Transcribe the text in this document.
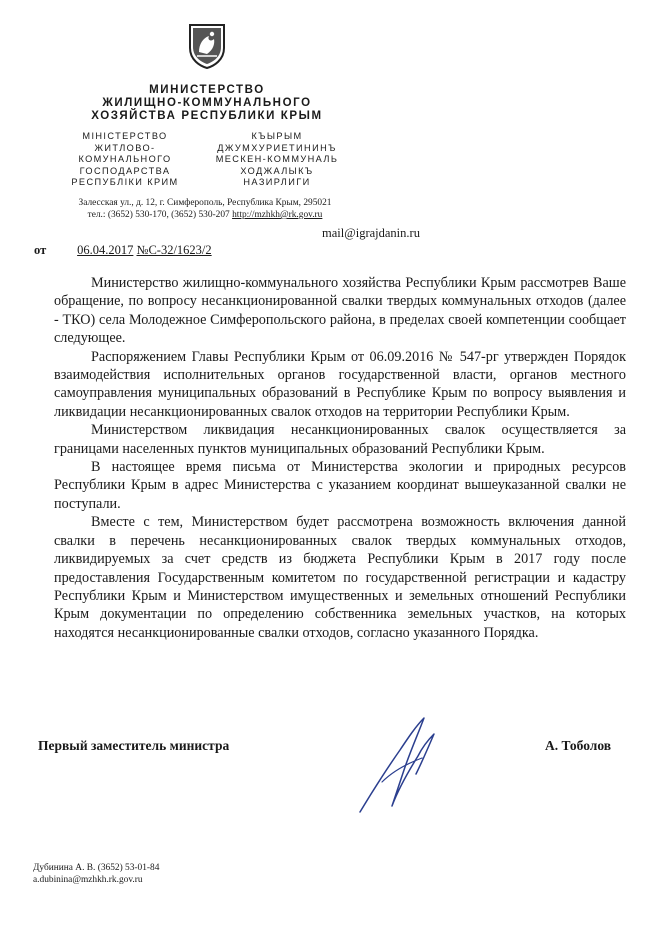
МИНИСТЕРСТВО
ЖИЛИЩНО-КОММУНАЛЬНОГО
ХОЗЯЙСТВА РЕСПУБЛИКИ КРЫМ
МІНІСТЕРСТВО
ЖИТЛОВО-
КОМУНАЛЬНОГО
ГОСПОДАРСТВА
РЕСПУБЛІКИ КРИМ
КЪЫРЫМ
ДЖУМХУРИЕТИНИНЪ
МЕСКЕН-КОММУНАЛЬ
ХОДЖАЛЫКЪ
НАЗИРЛИГИ
Залесская ул., д. 12, г. Симферополь, Республика Крым, 295021
тел.: (3652) 530-170, (3652) 530-207 http://mzhkh@rk.gov.ru
mail@igrajdanin.ru
от 06.04.2017 №С-32/1623/2

Министерство жилищно-коммунального хозяйства Республики Крым рассмотрев Ваше обращение, по вопросу несанкционированной свалки твердых коммунальных отходов (далее - ТКО) села Молодежное Симферопольского района, в пределах своей компетенции сообщает следующее.

Распоряжением Главы Республики Крым от 06.09.2016 № 547-рг утвержден Порядок взаимодействия исполнительных органов государственной власти, органов местного самоуправления муниципальных образований в Республике Крым по вопросу выявления и ликвидации несанкционированных свалок отходов на территории Республики Крым.

Министерством ликвидация несанкционированных свалок осуществляется за границами населенных пунктов муниципальных образований Республики Крым.

В настоящее время письма от Министерства экологии и природных ресурсов Республики Крым в адрес Министерства с указанием координат вышеуказанной свалки не поступали.

Вместе с тем, Министерством будет рассмотрена возможность включения данной свалки в перечень несанкционированных свалок твердых коммунальных отходов, ликвидируемых за счет средств из бюджета Республики Крым в 2017 году после предоставления Государственным комитетом по государственной регистрации и кадастру Республики Крым и Министерством имущественных и земельных отношений Республики Крым документации по определению собственника земельных участков, на которых находятся несанкционированные свалки отходов, согласно указанного Порядка.

Первый заместитель министра	А. Тоболов
Дубинина А. В. (3652) 53-01-84
a.dubinina@mzhkh.rk.gov.ru
